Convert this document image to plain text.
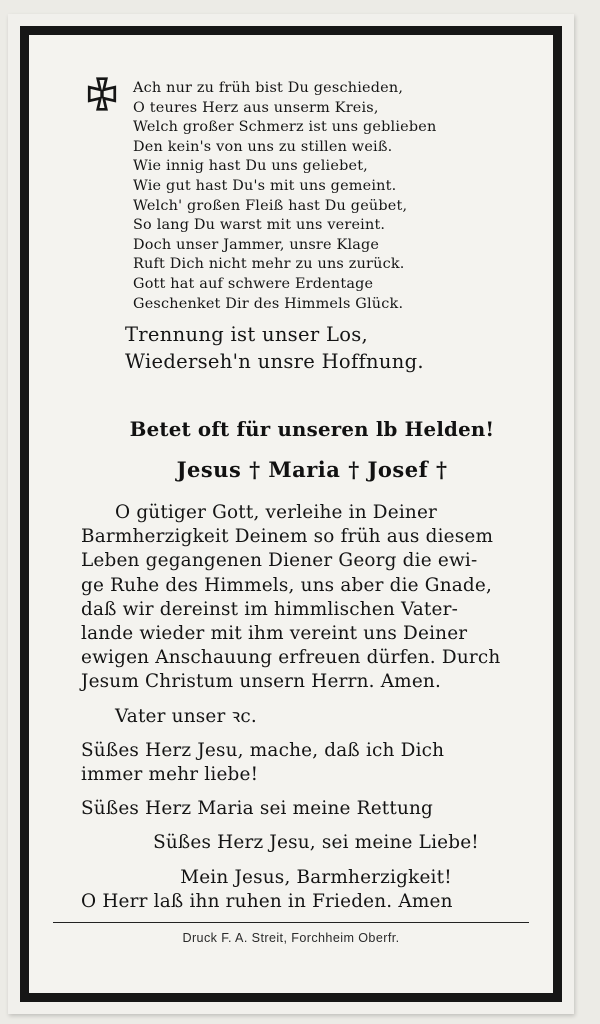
Ach nur zu früh bist Du geschieden,
O teures Herz aus unserm Kreis,
Welch großer Schmerz ist uns geblieben
Den kein's von uns zu stillen weiß.
Wie innig hast Du uns geliebet,
Wie gut hast Du's mit uns gemeint.
Welch' großen Fleiß hast Du geübet,
So lang Du warst mit uns vereint.
Doch unser Jammer, unsre Klage
Ruft Dich nicht mehr zu uns zurück.
Gott hat auf schwere Erdentage
Geschenket Dir des Himmels Glück.
Trennung ist unser Los,
Wiederseh'n unsre Hoffnung.
Betet oft für unseren lb Helden!
Jesus † Maria † Josef †
O gütiger Gott, verleihe in Deiner
Barmherzigkeit Deinem so früh aus diesem
Leben gegangenen Diener Georg die ewi-
ge Ruhe des Himmels, uns aber die Gnade,
daß wir dereinst im himmlischen Vater-
lande wieder mit ihm vereint uns Deiner
ewigen Anschauung erfreuen dürfen. Durch
Jesum Christum unsern Herrn. Amen.
Vater unser ꝛc.
Süßes Herz Jesu, mache, daß ich Dich
immer mehr liebe!
Süßes Herz Maria sei meine Rettung
Süßes Herz Jesu, sei meine Liebe!
Mein Jesus, Barmherzigkeit!
O Herr laß ihn ruhen in Frieden. Amen
Druck F. A. Streit, Forchheim Oberfr.
